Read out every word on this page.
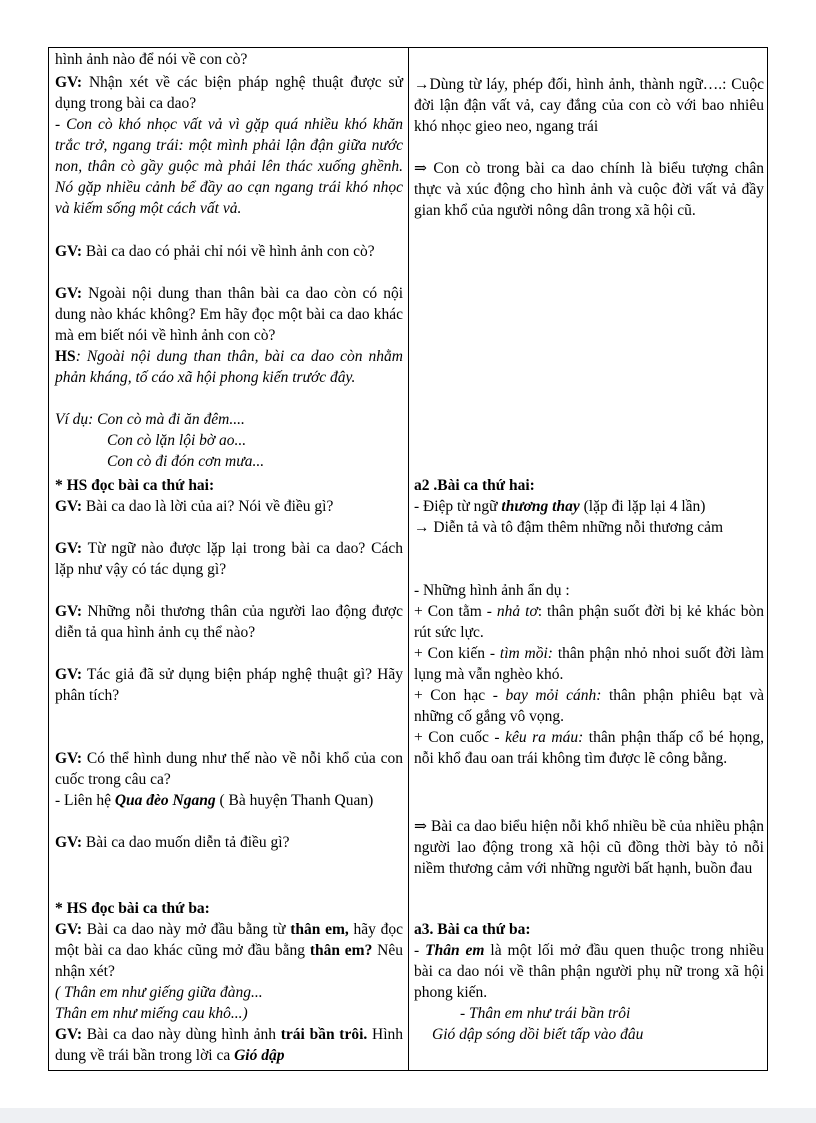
hình ảnh nào để nói về con cò?

GV: Nhận xét về các biện pháp nghệ thuật được sử dụng trong bài ca dao?

- Con cò khó nhọc vất vả vì gặp quá nhiều khó khăn trắc trở, ngang trái: một mình phải lận đận giữa nước non, thân cò gầy guộc mà phải lên thác xuống ghềnh. Nó gặp nhiều cảnh bể đầy ao cạn ngang trái khó nhọc và kiếm sống một cách vất vả.

GV: Bài ca dao có phải chỉ nói về hình ảnh con cò?

GV: Ngoài nội dung than thân bài ca dao còn có nội dung nào khác không? Em hãy đọc một bài ca dao khác mà em biết nói về hình ảnh con cò?

HS: Ngoài nội dung than thân, bài ca dao còn nhằm phản kháng, tố cáo xã hội phong kiến trước đây.

Ví dụ: Con cò mà đi ăn đêm....

Con cò lặn lội bờ ao...

Con cò đi đón cơn mưa...

* HS đọc bài ca thứ hai:

GV: Bài ca dao là lời của ai? Nói về điều gì?

GV: Từ ngữ nào được lặp lại trong bài ca dao? Cách lặp như vậy có tác dụng gì?

GV: Những nỗi thương thân của người lao động được diễn tả qua hình ảnh cụ thể nào?

GV: Tác giả đã sử dụng biện pháp nghệ thuật gì? Hãy phân tích?

GV: Có thể hình dung như thế nào về nỗi khổ của con cuốc trong câu ca?

- Liên hệ Qua đèo Ngang ( Bà huyện Thanh Quan)

GV: Bài ca dao muốn diễn tả điều gì?

* HS đọc bài ca thứ ba:

GV: Bài ca dao này mở đầu bằng từ thân em, hãy đọc một bài ca dao khác cũng mở đầu bằng thân em? Nêu nhận xét?

( Thân em như giếng giữa đàng...

Thân em như miếng cau khô...)

GV: Bài ca dao này dùng hình ảnh trái bần trôi. Hình dung về trái bần trong lời ca Gió dập

→Dùng từ láy, phép đối, hình ảnh, thành ngữ….: Cuộc đời lận đận vất vả, cay đắng của con cò với bao nhiêu khó nhọc gieo neo, ngang trái

⇒ Con cò trong bài ca dao chính là biểu tượng chân thực và xúc động cho hình ảnh và cuộc đời vất vả đầy gian khổ của người nông dân trong xã hội cũ.

a2 .Bài ca thứ hai:

- Điệp từ ngữ thương thay (lặp đi lặp lại 4 lần)

→ Diễn tả và tô đậm thêm những nỗi thương cảm

- Những hình ảnh ẩn dụ :

+ Con tằm - nhả tơ: thân phận suốt đời bị kẻ khác bòn rút sức lực.

+ Con kiến - tìm mồi: thân phận nhỏ nhoi suốt đời làm lụng mà vẫn nghèo khó.

+ Con hạc - bay mỏi cánh: thân phận phiêu bạt và những cố gắng vô vọng.

+ Con cuốc - kêu ra máu: thân phận thấp cổ bé họng, nỗi khổ đau oan trái không tìm được lẽ công bằng.

⇒ Bài ca dao biểu hiện nỗi khổ nhiều bề của nhiều phận người lao động trong xã hội cũ đồng thời bày tỏ nỗi niềm thương cảm với những người bất hạnh, buồn đau

a3. Bài ca thứ ba:

- Thân em là một lối mở đầu quen thuộc trong nhiều bài ca dao nói về thân phận người phụ nữ trong xã hội phong kiến.

- Thân em như trái bần trôi

Gió dập sóng dồi biết tấp vào đâu
